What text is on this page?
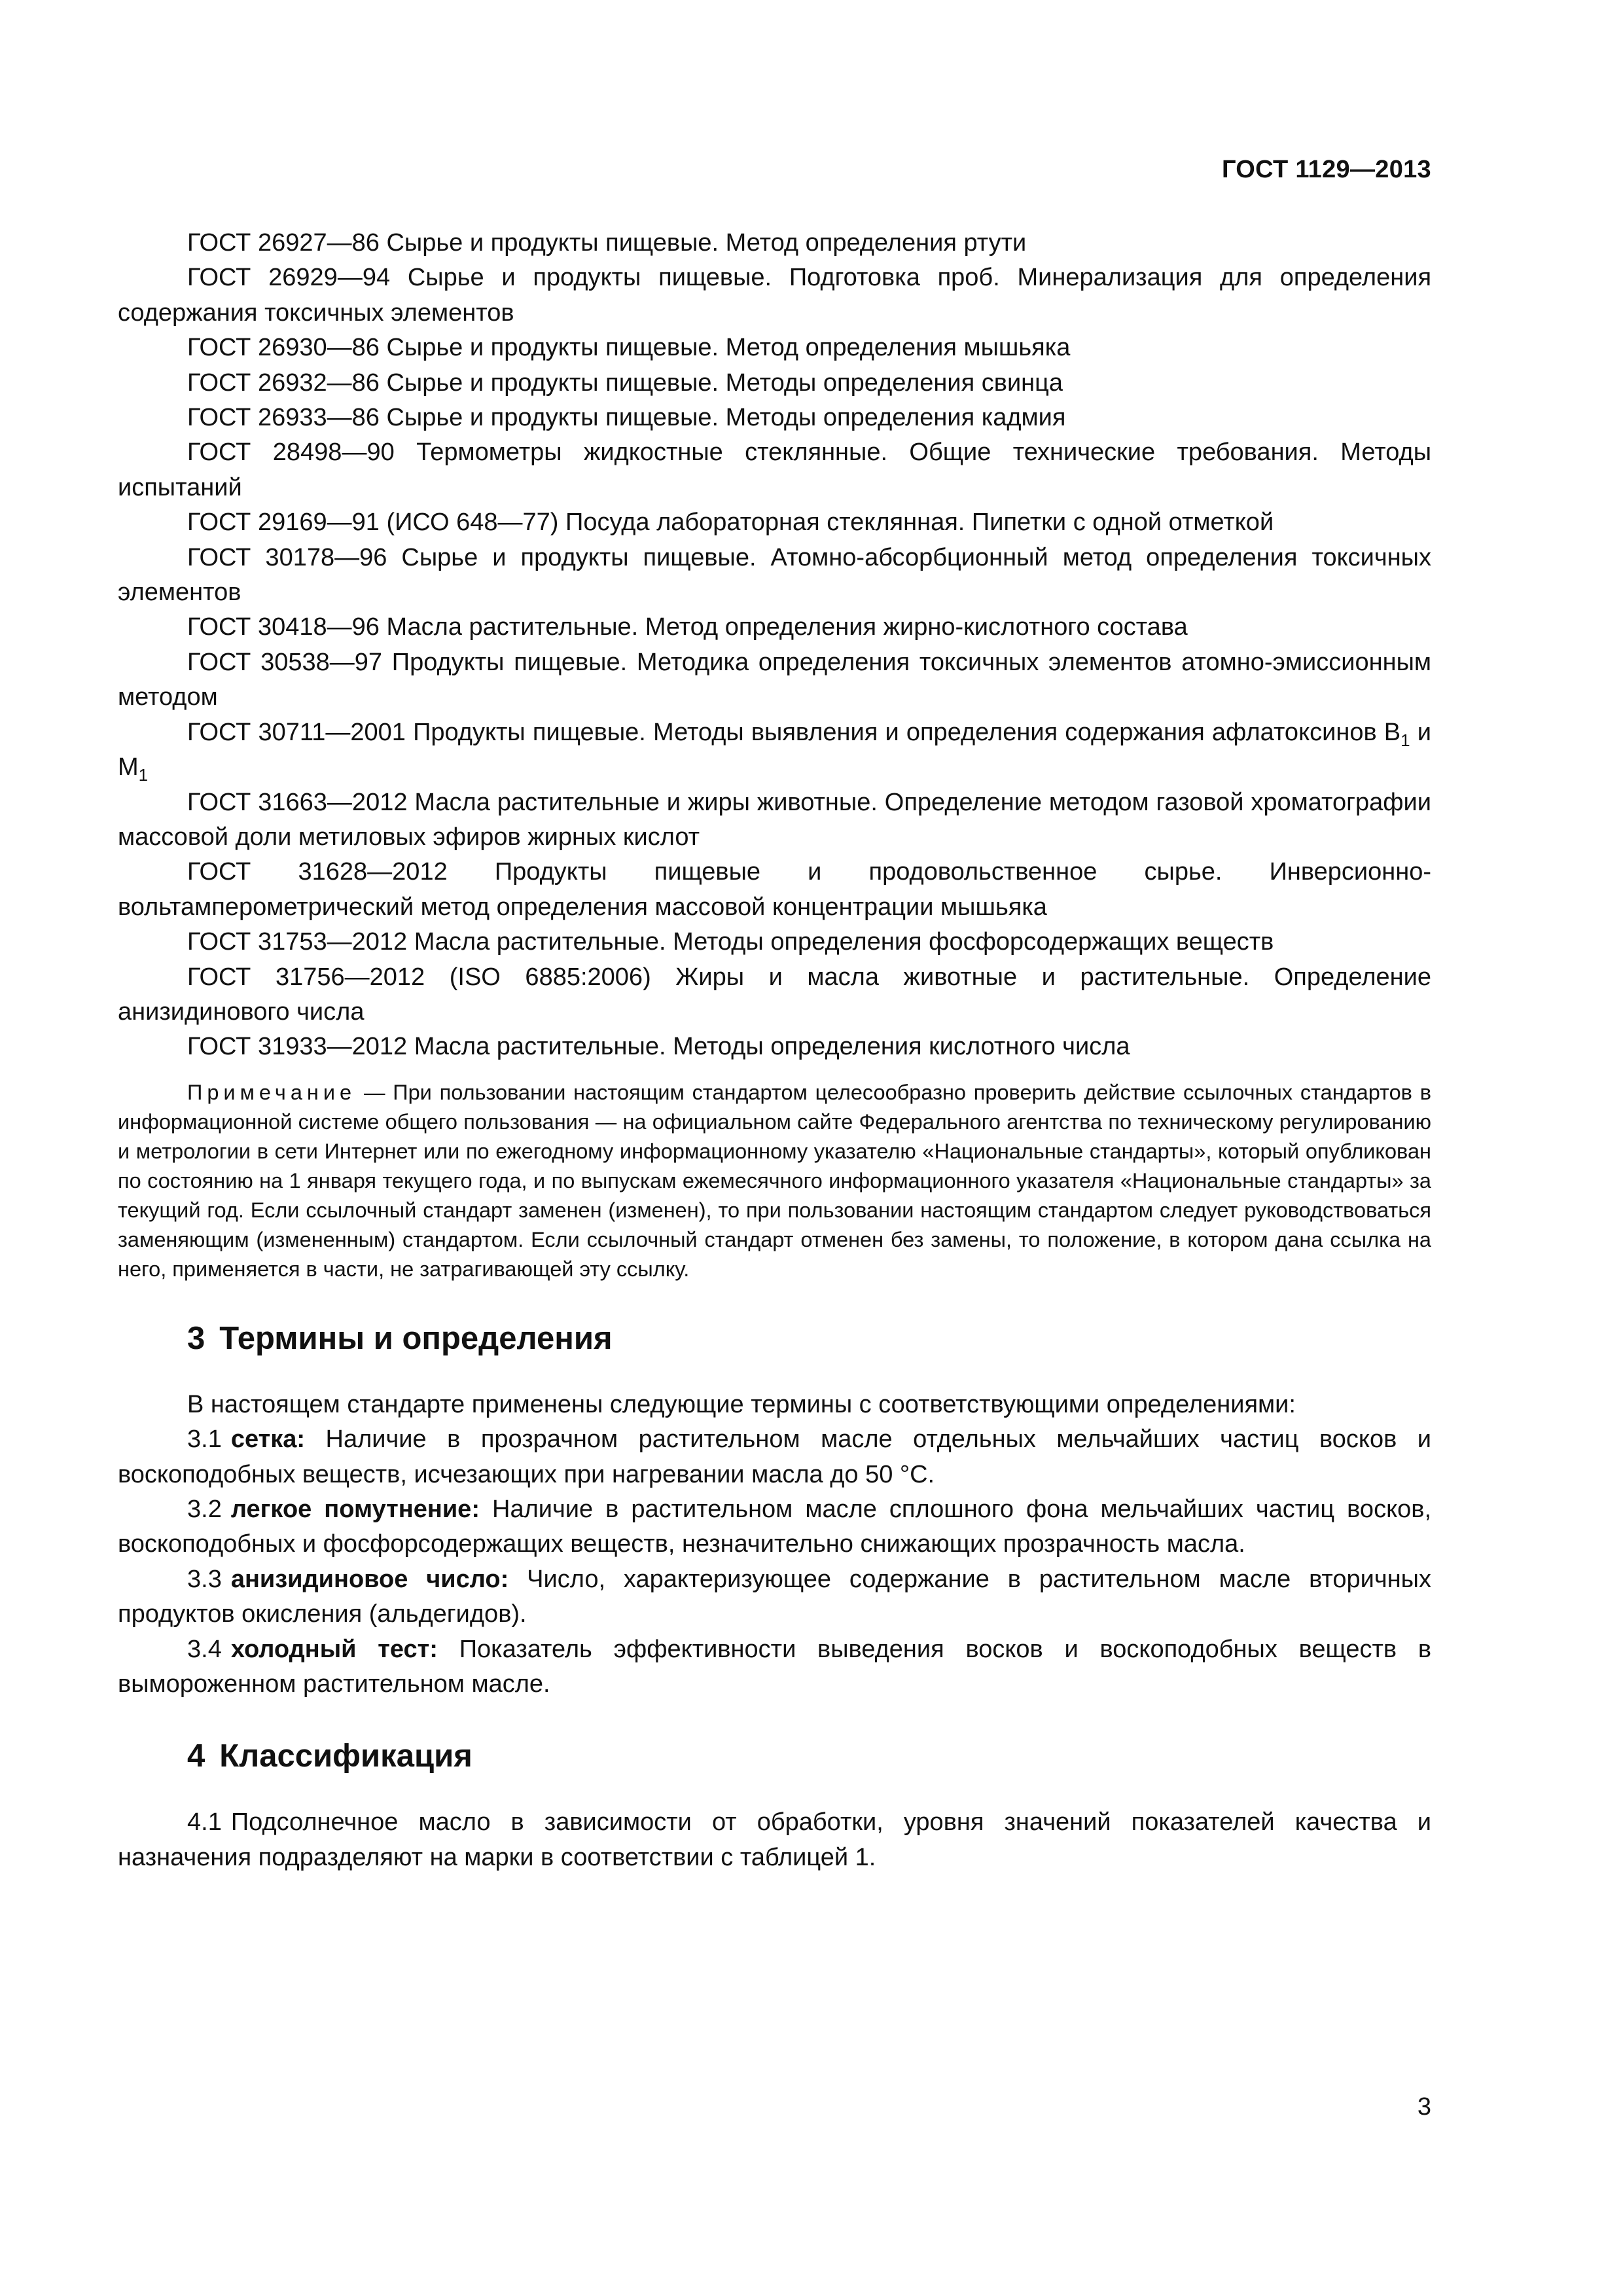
ГОСТ 1129—2013

ГОСТ 26927—86 Сырье и продукты пищевые. Метод определения ртути

ГОСТ 26929—94 Сырье и продукты пищевые. Подготовка проб. Минерализация для определения содержания токсичных элементов

ГОСТ 26930—86 Сырье и продукты пищевые. Метод определения мышьяка

ГОСТ 26932—86 Сырье и продукты пищевые. Методы определения свинца

ГОСТ 26933—86 Сырье и продукты пищевые. Методы определения кадмия

ГОСТ 28498—90 Термометры жидкостные стеклянные. Общие технические требования. Методы испытаний

ГОСТ 29169—91 (ИСО 648—77) Посуда лабораторная стеклянная. Пипетки с одной отметкой

ГОСТ 30178—96 Сырье и продукты пищевые. Атомно-абсорбционный метод определения токсичных элементов

ГОСТ 30418—96 Масла растительные. Метод определения жирно-кислотного состава

ГОСТ 30538—97 Продукты пищевые. Методика определения токсичных элементов атомно-эмиссионным методом

ГОСТ 30711—2001 Продукты пищевые. Методы выявления и определения содержания афлатоксинов $В_1$ и $М_1$

ГОСТ 31663—2012 Масла растительные и жиры животные. Определение методом газовой хроматографии массовой доли метиловых эфиров жирных кислот

ГОСТ 31628—2012 Продукты пищевые и продовольственное сырье. Инверсионно-вольтамперометрический метод определения массовой концентрации мышьяка

ГОСТ 31753—2012 Масла растительные. Методы определения фосфорсодержащих веществ

ГОСТ 31756—2012 (ISO 6885:2006) Жиры и масла животные и растительные. Определение анизидинового числа

ГОСТ 31933—2012 Масла растительные. Методы определения кислотного числа

Примечание — При пользовании настоящим стандартом целесообразно проверить действие ссылочных стандартов в информационной системе общего пользования — на официальном сайте Федерального агентства по техническому регулированию и метрологии в сети Интернет или по ежегодному информационному указателю «Национальные стандарты», который опубликован по состоянию на 1 января текущего года, и по выпускам ежемесячного информационного указателя «Национальные стандарты» за текущий год. Если ссылочный стандарт заменен (изменен), то при пользовании настоящим стандартом следует руководствоваться заменяющим (измененным) стандартом. Если ссылочный стандарт отменен без замены, то положение, в котором дана ссылка на него, применяется в части, не затрагивающей эту ссылку.

3 Термины и определения

В настоящем стандарте применены следующие термины с соответствующими определениями:

3.1 сетка: Наличие в прозрачном растительном масле отдельных мельчайших частиц восков и воскоподобных веществ, исчезающих при нагревании масла до 50 °С.

3.2 легкое помутнение: Наличие в растительном масле сплошного фона мельчайших частиц восков, воскоподобных и фосфорсодержащих веществ, незначительно снижающих прозрачность масла.

3.3 анизидиновое число: Число, характеризующее содержание в растительном масле вторичных продуктов окисления (альдегидов).

3.4 холодный тест: Показатель эффективности выведения восков и воскоподобных веществ в вымороженном растительном масле.

4 Классификация

4.1 Подсолнечное масло в зависимости от обработки, уровня значений показателей качества и назначения подразделяют на марки в соответствии с таблицей 1.

3
